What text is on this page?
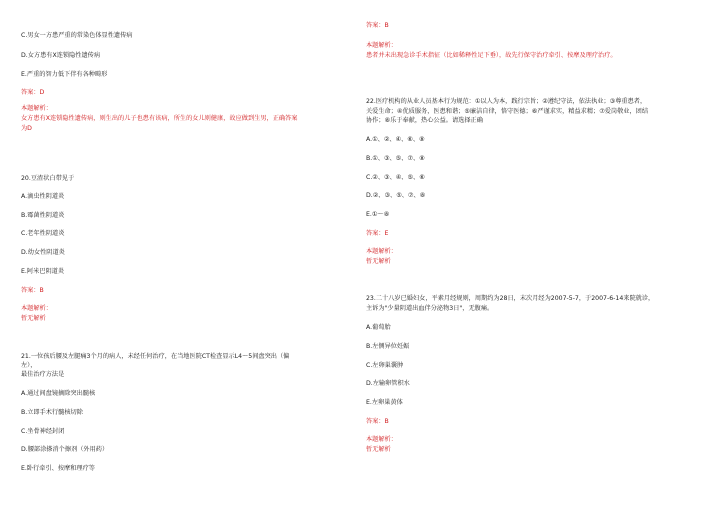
C.男女一方患严重的常染色体显性遗传病
D.女方患有X连锁隐性遗传病
E.严重的智力低下伴有各种畸形
答案：D
本题解析：
女方患有X连锁隐性遗传病，则生出的儿子也患有该病，所生的女儿则健康，故应做到生男，正确答案
为D
20.豆渣状白带见于
A.滴虫性阴道炎
B.霉菌性阴道炎
C.老年性阴道炎
D.幼女性阴道炎
E.阿米巴阴道炎
答案：B
本题解析：
暂无解析
21.一位孩后腰及左腿痛3个月的病人，未经任何治疗，在当地医院CT检查显示L4～5间盘突出（偏
左），
最佳治疗方法是
A.通过间盘镜摘除突出髓核
B.立即手术行髓核切除
C.坐骨神经封闭
D.腰部涂搽消个擦剂（外用药）
E.卧行牵引、按摩和理疗等
答案：B
本题解析：
患者并未出现急诊手术指征（比如稀释性足下垂），故先行保守治疗牵引、按摩及理疗治疗。
22.医疗机构的从业人员基本行为规范：①以人为本，践行宗旨；②遵纪守法，依法执业；③尊重患者，
关爱生命；④优质服务，医患和谐；⑤廉洁自律，恪守医德；⑥严谨求实，精益求精；⑦爱岗敬业，团结
协作；⑧乐于奉献，热心公益。请选择正确
A.①、②、④、⑥、⑧
B.①、③、⑤、⑦、⑧
C.②、③、④、⑤、⑥
D.②、③、⑤、⑦、⑧
E.①～⑧
答案：E
本题解析：
暂无解析
23.二十八岁已婚妇女，平素月经规则，周期约为28日，末次月经为2007-5-7，于2007-6-14来院就诊，
主诉为"少量阴道出血伴分泌物3日"，无腹痛。
A.葡萄胎
B.左侧异位妊娠
C.左卵巢囊肿
D.左输卵管积水
E.左卵巢黄体
答案：B
本题解析：
暂无解析
